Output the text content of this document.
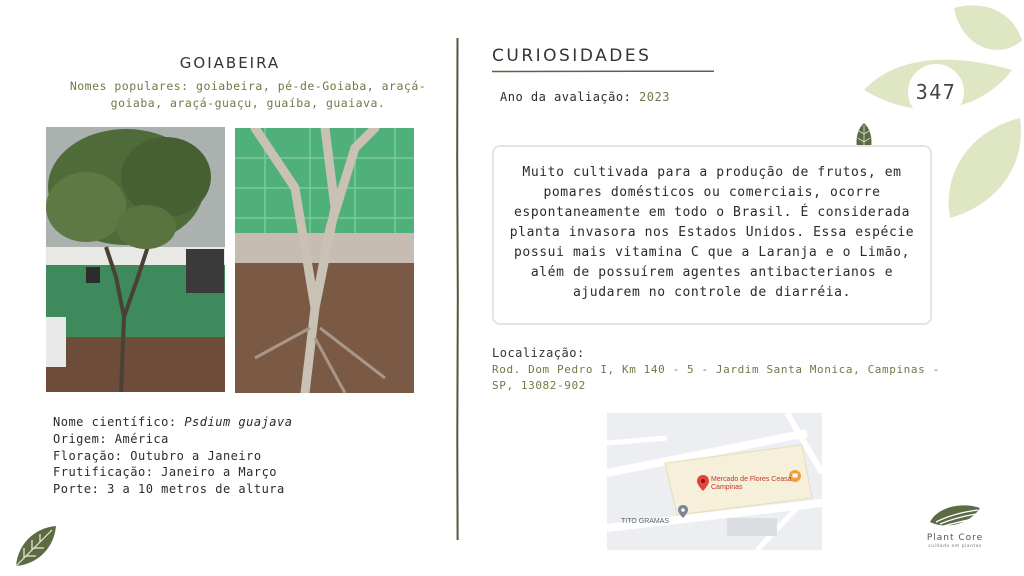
GOIABEIRA
Nomes populares: goiabeira, pé-de-Goiaba, araçá-goiaba, araçá-guaçu, guaíba, guaiava.
Nome científico: Psdium guajava
Origem: América
Floração: Outubro a Janeiro
Frutificação: Janeiro a Março
Porte: 3 a 10 metros de altura
CURIOSIDADES
Ano da avaliação: 2023	347
Muito cultivada para a produção de frutos, em pomares domésticos ou comerciais, ocorre espontaneamente em todo o Brasil. É considerada planta invasora nos Estados Unidos. Essa espécie possui mais vitamina C que a Laranja e o Limão, além de possuírem agentes antibacterianos e ajudarem no controle de diarréia.
Localização:
Rod. Dom Pedro I, Km 140 - 5 - Jardim Santa Monica, Campinas - SP, 13082-902
Mercado de Flores Ceasa Campinas
TITO GRAMAS
Plant Core
cuidado em plantas
